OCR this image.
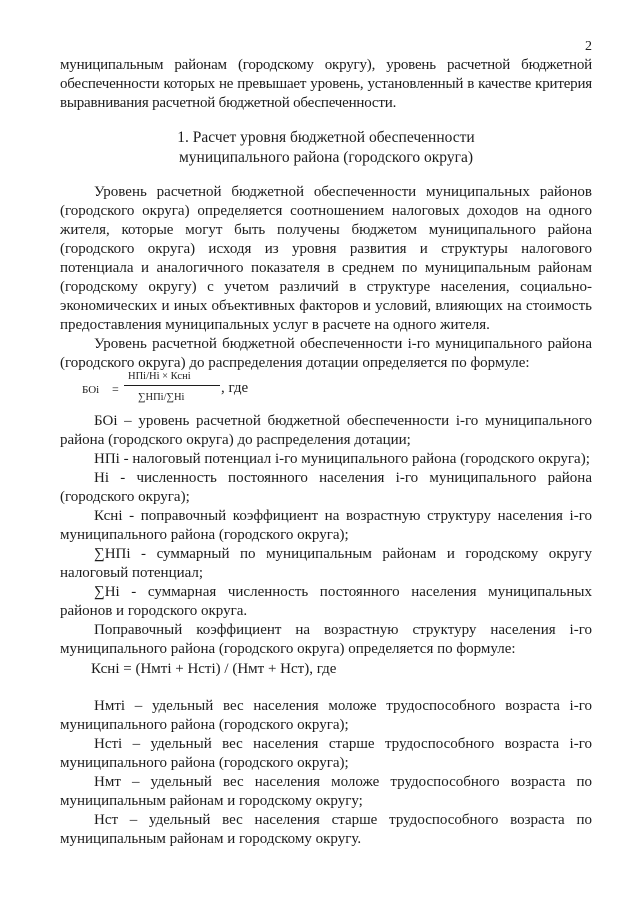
2

муниципальным районам (городскому округу), уровень расчетной бюджетной обеспеченности которых не превышает уровень, установленный в качестве критерия выравнивания расчетной бюджетной обеспеченности.

1. Расчет уровня бюджетной обеспеченности
муниципального района (городского округа)

Уровень расчетной бюджетной обеспеченности муниципальных районов (городского округа) определяется соотношением налоговых доходов на одного жителя, которые могут быть получены бюджетом муниципального района (городского округа) исходя из уровня развития и структуры налогового потенциала и аналогичного показателя в среднем по муниципальным районам (городскому округу) с учетом различий в структуре населения, социально-экономических и иных объективных факторов и условий, влияющих на стоимость предоставления муниципальных услуг в расчете на одного жителя.

Уровень расчетной бюджетной обеспеченности i-го муниципального района (городского округа) до распределения дотации определяется по формуле:

БОi =
НПi/Hi × Ксні
∑НПi/∑Hi
, где

БОi – уровень расчетной бюджетной обеспеченности i-го муниципального района (городского округа) до распределения дотации;

НПi - налоговый потенциал i-го муниципального района (городского округа);

Нi - численность постоянного населения i-го муниципального района (городского округа);

Ксні - поправочный коэффициент на возрастную структуру населения i-го муниципального района (городского округа);

∑НПi - суммарный по муниципальным районам и городскому округу налоговый потенциал;

∑Нi - суммарная численность постоянного населения муниципальных районов и городского округа.

Поправочный коэффициент на возрастную структуру населения i-го муниципального района (городского округа) определяется по формуле:

Ксні = (Нмтi + Нстi) / (Нмт + Нст), где

Нмтi – удельный вес населения моложе трудоспособного возраста i-го муниципального района (городского округа);

Нстi – удельный вес населения старше трудоспособного возраста i-го муниципального района (городского округа);

Нмт – удельный вес населения моложе трудоспособного возраста по муниципальным районам и городскому округу;

Нст – удельный вес населения старше трудоспособного возраста по муниципальным районам и городскому округу.
